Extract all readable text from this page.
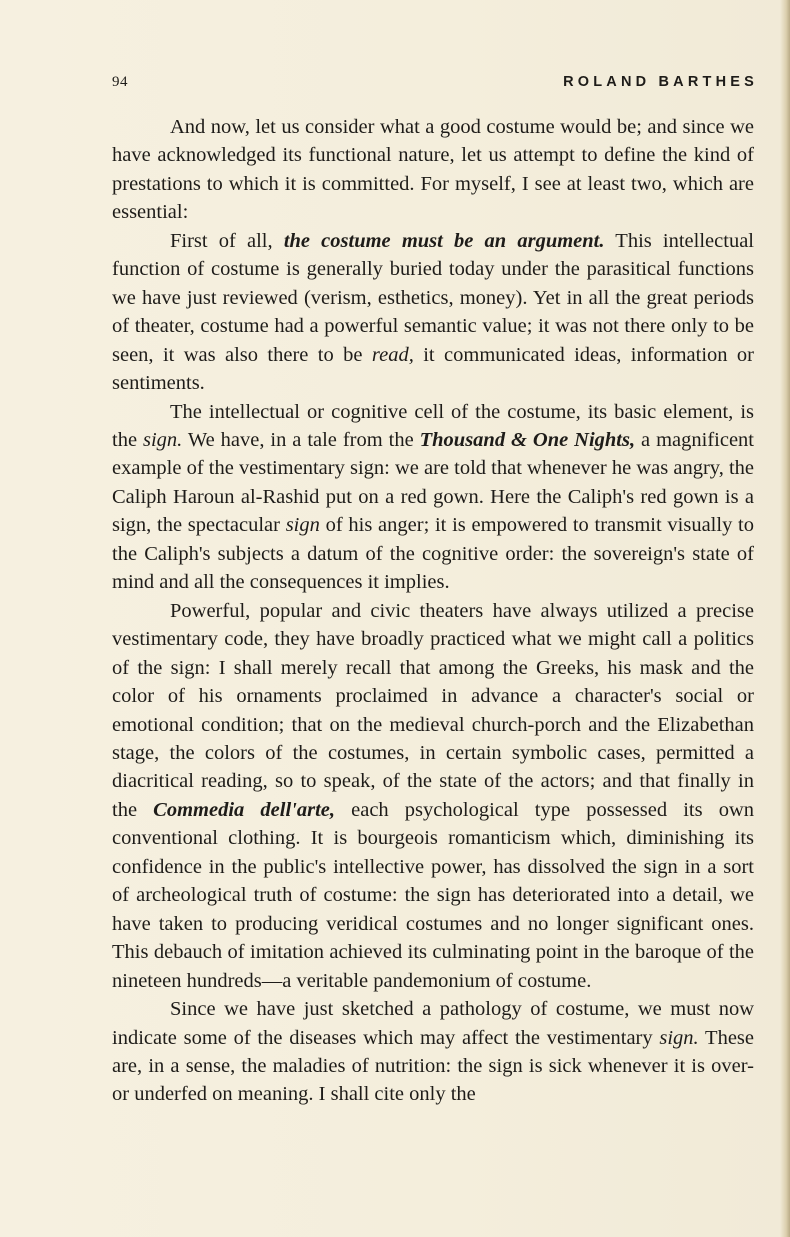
94	ROLAND BARTHES

And now, let us consider what a good costume would be; and since we have acknowledged its functional nature, let us attempt to define the kind of prestations to which it is committed. For myself, I see at least two, which are essential:

First of all, the costume must be an argument. This intellectual function of costume is generally buried today under the parasitical functions we have just reviewed (verism, esthetics, money). Yet in all the great periods of theater, costume had a powerful semantic value; it was not there only to be seen, it was also there to be read, it communicated ideas, information or sentiments.

The intellectual or cognitive cell of the costume, its basic element, is the sign. We have, in a tale from the Thousand & One Nights, a magnificent example of the vestimentary sign: we are told that whenever he was angry, the Caliph Haroun al-Rashid put on a red gown. Here the Caliph's red gown is a sign, the spectacular sign of his anger; it is empowered to transmit visually to the Caliph's subjects a datum of the cognitive order: the sovereign's state of mind and all the consequences it implies.

Powerful, popular and civic theaters have always utilized a precise vestimentary code, they have broadly practiced what we might call a politics of the sign: I shall merely recall that among the Greeks, his mask and the color of his ornaments proclaimed in advance a character's social or emotional condition; that on the medieval church-porch and the Elizabethan stage, the colors of the costumes, in certain symbolic cases, permitted a diacritical reading, so to speak, of the state of the actors; and that finally in the Commedia dell'arte, each psychological type possessed its own conventional clothing. It is bourgeois romanticism which, diminishing its confidence in the public's intellective power, has dissolved the sign in a sort of archeological truth of costume: the sign has deteriorated into a detail, we have taken to producing veridical costumes and no longer significant ones. This debauch of imitation achieved its culminating point in the baroque of the nineteen hundreds—a veritable pandemonium of costume.

Since we have just sketched a pathology of costume, we must now indicate some of the diseases which may affect the vestimentary sign. These are, in a sense, the maladies of nutrition: the sign is sick whenever it is over- or underfed on meaning. I shall cite only the
